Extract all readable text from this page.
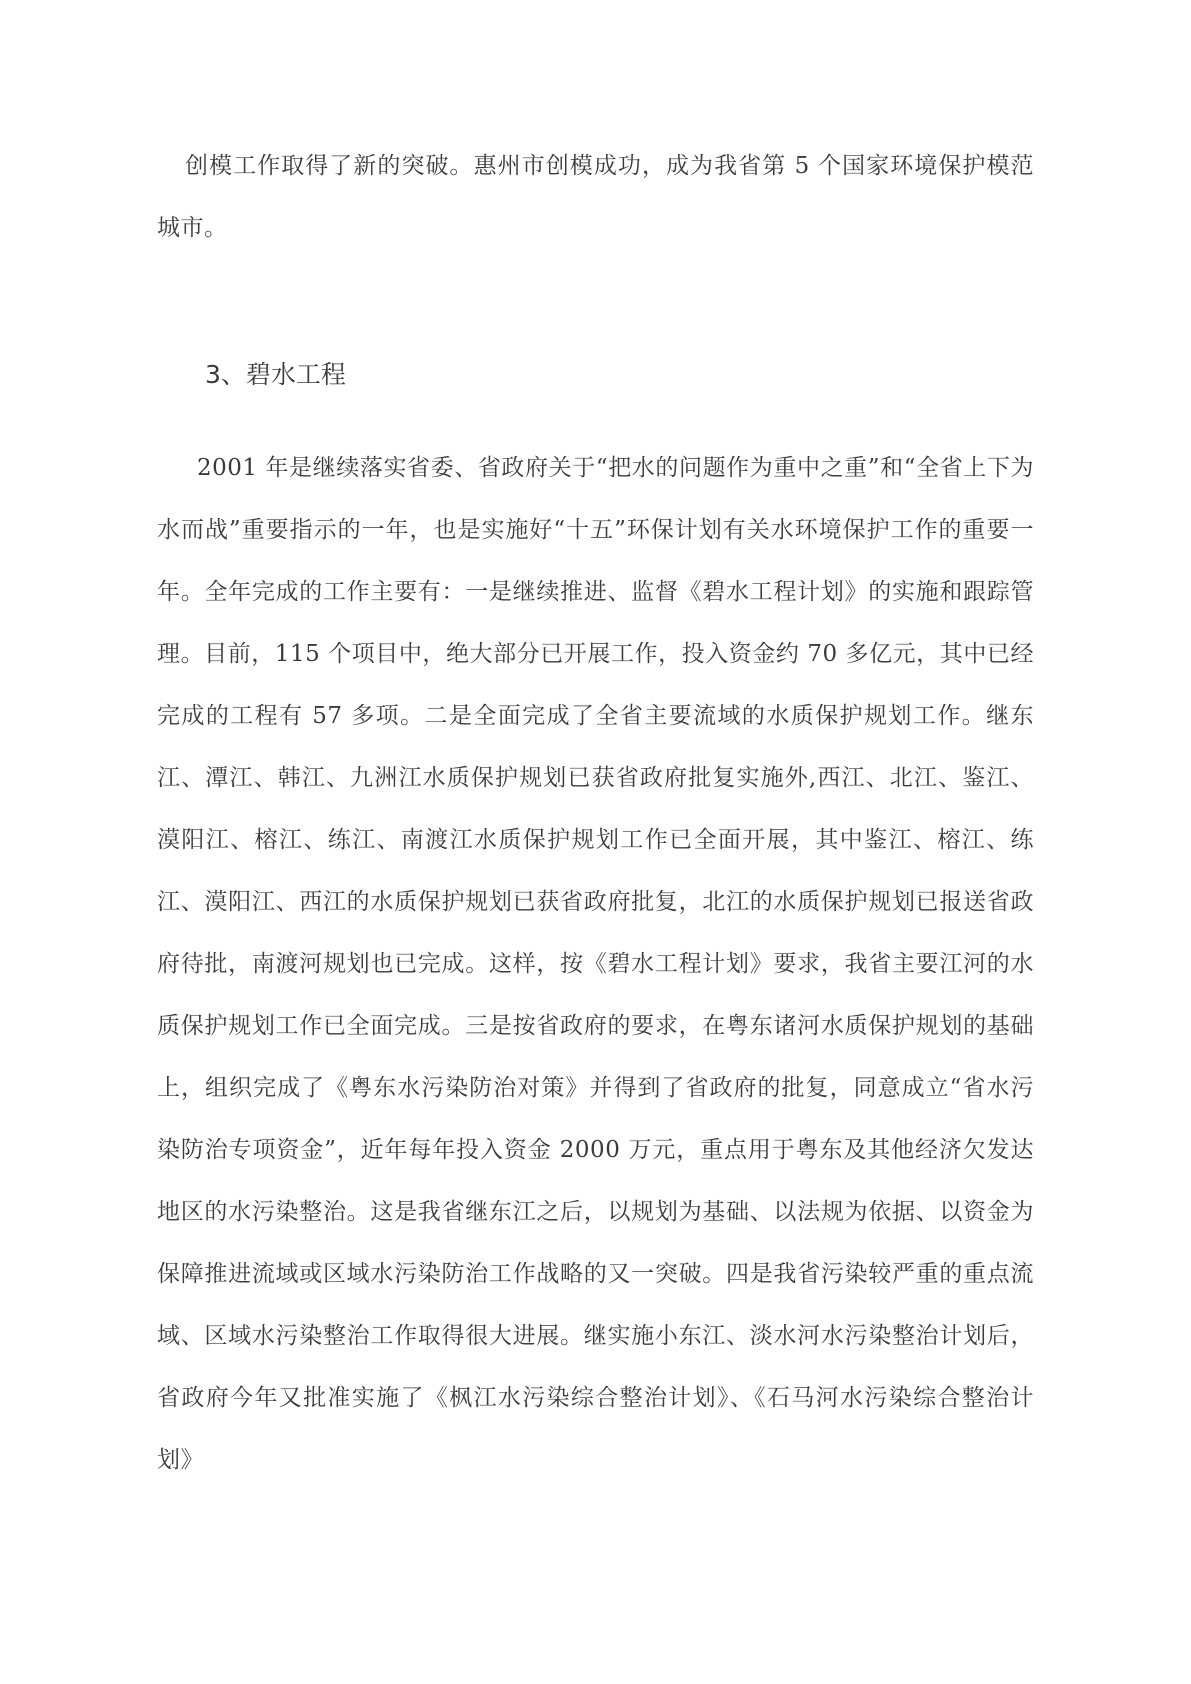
创模工作取得了新的突破。惠州市创模成功，成为我省第 5 个国家环境保护模范城市。

3、碧水工程

2001 年是继续落实省委、省政府关于“把水的问题作为重中之重”和“全省上下为水而战”重要指示的一年，也是实施好“十五”环保计划有关水环境保护工作的重要一年。全年完成的工作主要有：一是继续推进、监督《碧水工程计划》的实施和跟踪管理。目前，115 个项目中，绝大部分已开展工作，投入资金约 70 多亿元，其中已经完成的工程有 57 多项。二是全面完成了全省主要流域的水质保护规划工作。继东江、潭江、韩江、九洲江水质保护规划已获省政府批复实施外,西江、北江、鉴江、漠阳江、榕江、练江、南渡江水质保护规划工作已全面开展，其中鉴江、榕江、练江、漠阳江、西江的水质保护规划已获省政府批复，北江的水质保护规划已报送省政府待批，南渡河规划也已完成。这样，按《碧水工程计划》要求，我省主要江河的水质保护规划工作已全面完成。三是按省政府的要求，在粤东诸河水质保护规划的基础上，组织完成了《粤东水污染防治对策》并得到了省政府的批复，同意成立“省水污染防治专项资金”，近年每年投入资金 2000 万元，重点用于粤东及其他经济欠发达地区的水污染整治。这是我省继东江之后，以规划为基础、以法规为依据、以资金为保障推进流域或区域水污染防治工作战略的又一突破。四是我省污染较严重的重点流域、区域水污染整治工作取得很大进展。继实施小东江、淡水河水污染整治计划后，省政府今年又批准实施了《枫江水污染综合整治计划》、《石马河水污染综合整治计划》
